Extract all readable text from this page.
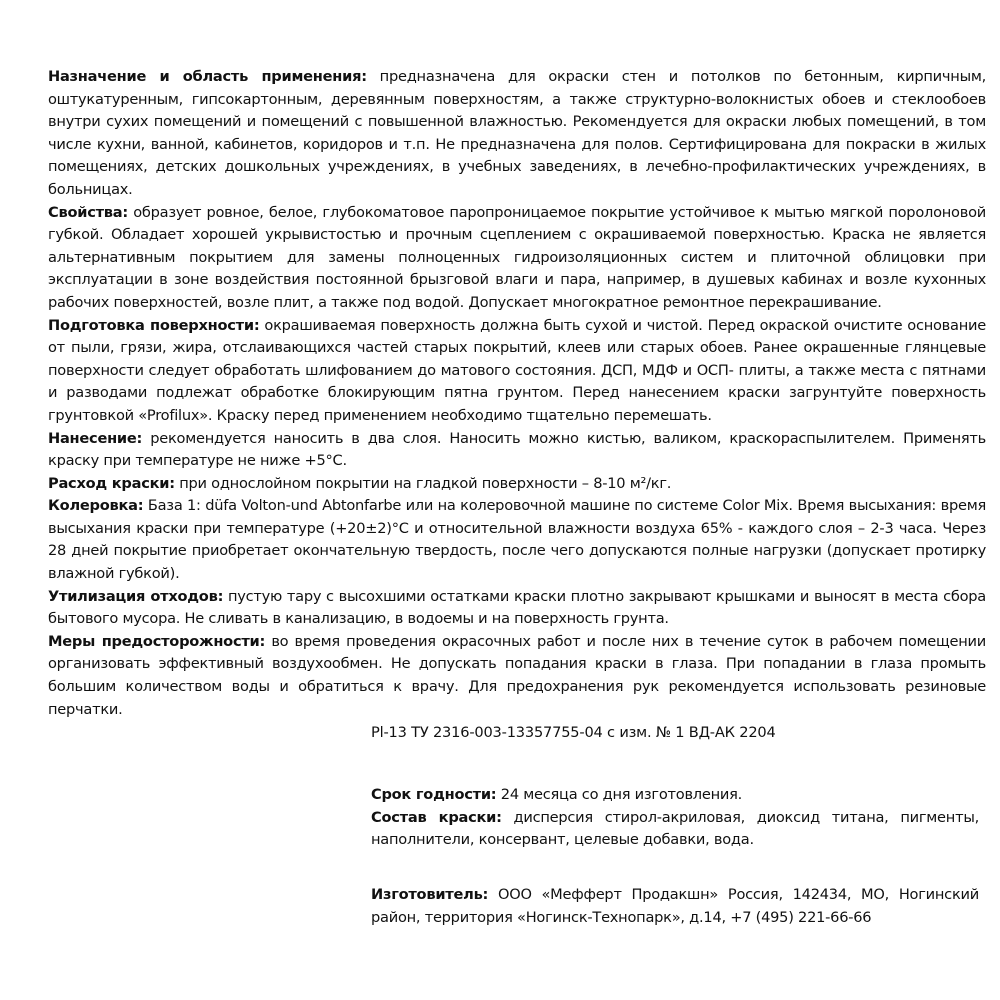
Назначение и область применения: предназначена для окраски стен и потолков по бетонным, кирпичным, оштукатуренным, гипсокартонным, деревянным поверхностям, а также структурно-волокнистых обоев и стеклообоев внутри сухих помещений и помещений с повышенной влажностью. Рекомендуется для окраски любых помещений, в том числе кухни, ванной, кабинетов, коридоров и т.п. Не предназначена для полов. Сертифицирована для покраски в жилых помещениях, детских дошкольных учреждениях, в учебных заведениях, в лечебно-профилактических учреждениях, в больницах.

Свойства: образует ровное, белое, глубокоматовое паропроницаемое покрытие устойчивое к мытью мягкой поролоновой губкой. Обладает хорошей укрывистостью и прочным сцеплением с окрашиваемой поверхностью. Краска не является альтернативным покрытием для замены полноценных гидроизоляционных систем и плиточной облицовки при эксплуатации в зоне воздействия постоянной брызговой влаги и пара, например, в душевых кабинах и возле кухонных рабочих поверхностей, возле плит, а также под водой. Допускает многократное ремонтное перекрашивание.

Подготовка поверхности: окрашиваемая поверхность должна быть сухой и чистой. Перед окраской очистите основание от пыли, грязи, жира, отслаивающихся частей старых покрытий, клеев или старых обоев. Ранее окрашенные глянцевые поверхности следует обработать шлифованием до матового состояния. ДСП, МДФ и ОСП- плиты, а также места с пятнами и разводами подлежат обработке блокирующим пятна грунтом. Перед нанесением краски загрунтуйте поверхность грунтовкой «Profilux». Краску перед применением необходимо тщательно перемешать.

Нанесение: рекомендуется наносить в два слоя. Наносить можно кистью, валиком, краскораспылителем. Применять краску при температуре не ниже +5°С.

Расход краски: при однослойном покрытии на гладкой поверхности – 8-10 м²/кг.

Колеровка: База 1: düfa Volton-und Abtonfarbe или на колеровочной машине по системе Color Mix. Время высыхания: время высыхания краски при температуре (+20±2)°С и относительной влажности воздуха 65% - каждого слоя – 2-3 часа. Через 28 дней покрытие приобретает окончательную твердость, после чего допускаются полные нагрузки (допускает протирку влажной губкой).

Утилизация отходов: пустую тару с высохшими остатками краски плотно закрывают крышками и выносят в места сбора бытового мусора. Не сливать в канализацию, в водоемы и на поверхность грунта.

Меры предосторожности: во время проведения окрасочных работ и после них в течение суток в рабочем помещении организовать эффективный воздухообмен. Не допускать попадания краски в глаза. При попадании в глаза промыть большим количеством воды и обратиться к врачу. Для предохранения рук рекомендуется использовать резиновые перчатки.

Pl-13 ТУ 2316-003-13357755-04 с изм. № 1 ВД-АК 2204

Срок годности: 24 месяца со дня изготовления.

Состав краски: дисперсия стирол-акриловая, диоксид титана, пигменты, наполнители, консервант, целевые добавки, вода.

Изготовитель: ООО «Мефферт Продакшн» Россия, 142434, МО, Ногинский район, территория «Ногинск-Технопарк», д.14, +7 (495) 221-66-66
